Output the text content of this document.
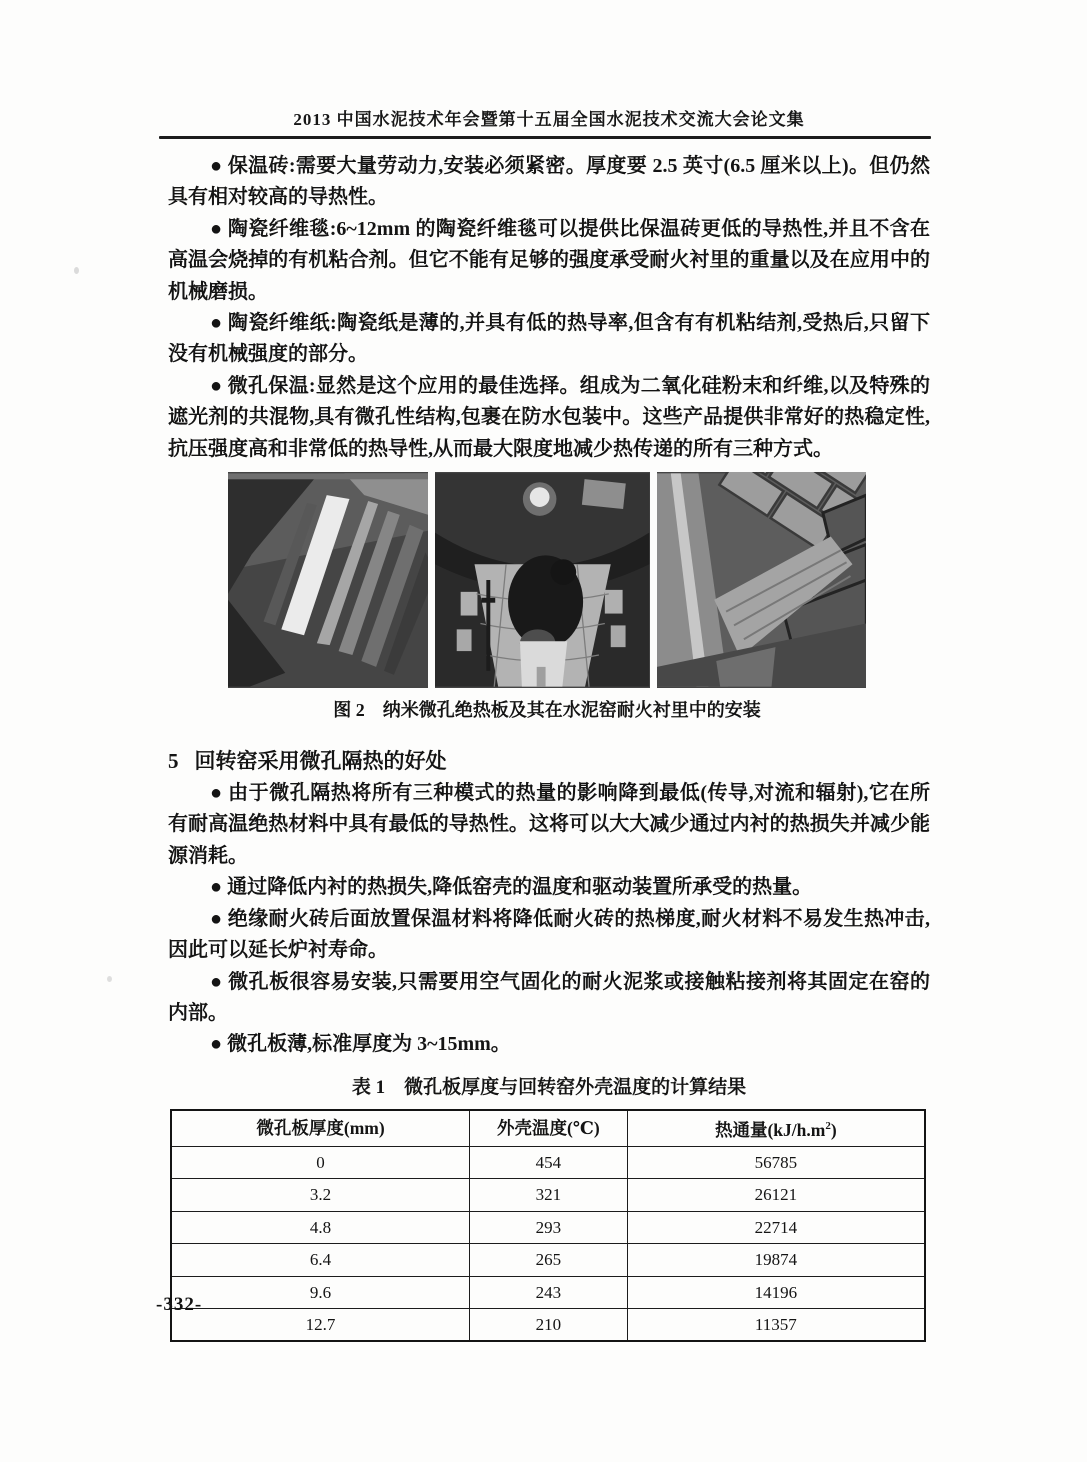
2013 中国水泥技术年会暨第十五届全国水泥技术交流大会论文集

● 保温砖:需要大量劳动力,安装必须紧密。厚度要 2.5 英寸(6.5 厘米以上)。但仍然具有相对较高的导热性。

● 陶瓷纤维毯:6~12mm 的陶瓷纤维毯可以提供比保温砖更低的导热性,并且不含在高温会烧掉的有机粘合剂。但它不能有足够的强度承受耐火衬里的重量以及在应用中的机械磨损。

● 陶瓷纤维纸:陶瓷纸是薄的,并具有低的热导率,但含有有机粘结剂,受热后,只留下没有机械强度的部分。

● 微孔保温:显然是这个应用的最佳选择。组成为二氧化硅粉末和纤维,以及特殊的遮光剂的共混物,具有微孔性结构,包裹在防水包装中。这些产品提供非常好的热稳定性,抗压强度高和非常低的热导性,从而最大限度地减少热传递的所有三种方式。

图 2　纳米微孔绝热板及其在水泥窑耐火衬里中的安装
5 回转窑采用微孔隔热的好处

● 由于微孔隔热将所有三种模式的热量的影响降到最低(传导,对流和辐射),它在所有耐高温绝热材料中具有最低的导热性。这将可以大大减少通过内衬的热损失并减少能源消耗。

● 通过降低内衬的热损失,降低窑壳的温度和驱动装置所承受的热量。

● 绝缘耐火砖后面放置保温材料将降低耐火砖的热梯度,耐火材料不易发生热冲击,因此可以延长炉衬寿命。

● 微孔板很容易安装,只需要用空气固化的耐火泥浆或接触粘接剂将其固定在窑的内部。

● 微孔板薄,标准厚度为 3~15mm。

表 1　微孔板厚度与回转窑外壳温度的计算结果
微孔板厚度(mm)	外壳温度(℃)	热通量$(kJ/h.m^2)$
0	454	56785
3.2	321	26121
4.8	293	22714
6.4	265	19874
9.6	243	14196
12.7	210	11357
-332-
